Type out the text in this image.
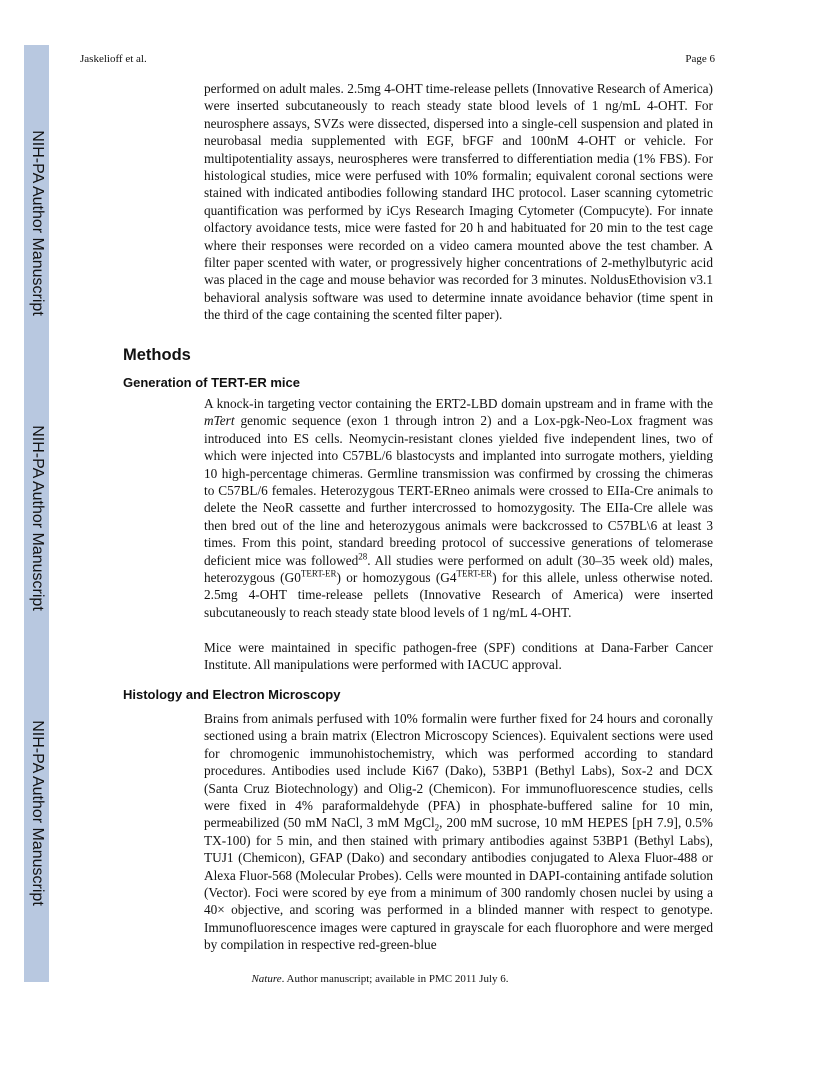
NIH-PA Author Manuscript
NIH-PA Author Manuscript
NIH-PA Author Manuscript
Jaskelioff et al.	Page 6

performed on adult males. 2.5mg 4-OHT time-release pellets (Innovative Research of America) were inserted subcutaneously to reach steady state blood levels of 1 ng/mL 4-OHT. For neurosphere assays, SVZs were dissected, dispersed into a single-cell suspension and plated in neurobasal media supplemented with EGF, bFGF and 100nM 4-OHT or vehicle. For multipotentiality assays, neurospheres were transferred to differentiation media (1% FBS). For histological studies, mice were perfused with 10% formalin; equivalent coronal sections were stained with indicated antibodies following standard IHC protocol. Laser scanning cytometric quantification was performed by iCys Research Imaging Cytometer (Compucyte). For innate olfactory avoidance tests, mice were fasted for 20 h and habituated for 20 min to the test cage where their responses were recorded on a video camera mounted above the test chamber. A filter paper scented with water, or progressively higher concentrations of 2-methylbutyric acid was placed in the cage and mouse behavior was recorded for 3 minutes. NoldusEthovision v3.1 behavioral analysis software was used to determine innate avoidance behavior (time spent in the third of the cage containing the scented filter paper).

Methods
Generation of TERT-ER mice

A knock-in targeting vector containing the ERT2-LBD domain upstream and in frame with the mTert genomic sequence (exon 1 through intron 2) and a Lox-pgk-Neo-Lox fragment was introduced into ES cells. Neomycin-resistant clones yielded five independent lines, two of which were injected into C57BL/6 blastocysts and implanted into surrogate mothers, yielding 10 high-percentage chimeras. Germline transmission was confirmed by crossing the chimeras to C57BL/6 females. Heterozygous TERT-ERneo animals were crossed to EIIa-Cre animals to delete the NeoR cassette and further intercrossed to homozygosity. The EIIa-Cre allele was then bred out of the line and heterozygous animals were backcrossed to C57BL\6 at least 3 times. From this point, standard breeding protocol of successive generations of telomerase deficient mice was followed$^{28}$. All studies were performed on adult (30–35 week old) males, heterozygous $(G0^{TERT-ER})$ or homozygous $(G4^{TERT-ER})$ for this allele, unless otherwise noted. 2.5mg 4-OHT time-release pellets (Innovative Research of America) were inserted subcutaneously to reach steady state blood levels of 1 ng/mL 4-OHT.

Mice were maintained in specific pathogen-free (SPF) conditions at Dana-Farber Cancer Institute. All manipulations were performed with IACUC approval.

Histology and Electron Microscopy

Brains from animals perfused with 10% formalin were further fixed for 24 hours and coronally sectioned using a brain matrix (Electron Microscopy Sciences). Equivalent sections were used for chromogenic immunohistochemistry, which was performed according to standard procedures. Antibodies used include Ki67 (Dako), 53BP1 (Bethyl Labs), Sox-2 and DCX (Santa Cruz Biotechnology) and Olig-2 (Chemicon). For immunofluorescence studies, cells were fixed in 4% paraformaldehyde (PFA) in phosphate-buffered saline for 10 min, permeabilized (50 mM NaCl, 3 mM MgCl$_2$, 200 mM sucrose, 10 mM HEPES [pH 7.9], 0.5% TX-100) for 5 min, and then stained with primary antibodies against 53BP1 (Bethyl Labs), TUJ1 (Chemicon), GFAP (Dako) and secondary antibodies conjugated to Alexa Fluor-488 or Alexa Fluor-568 (Molecular Probes). Cells were mounted in DAPI-containing antifade solution (Vector). Foci were scored by eye from a minimum of 300 randomly chosen nuclei by using a 40× objective, and scoring was performed in a blinded manner with respect to genotype. Immunofluorescence images were captured in grayscale for each fluorophore and were merged by compilation in respective red-green-blue

Nature. Author manuscript; available in PMC 2011 July 6.
